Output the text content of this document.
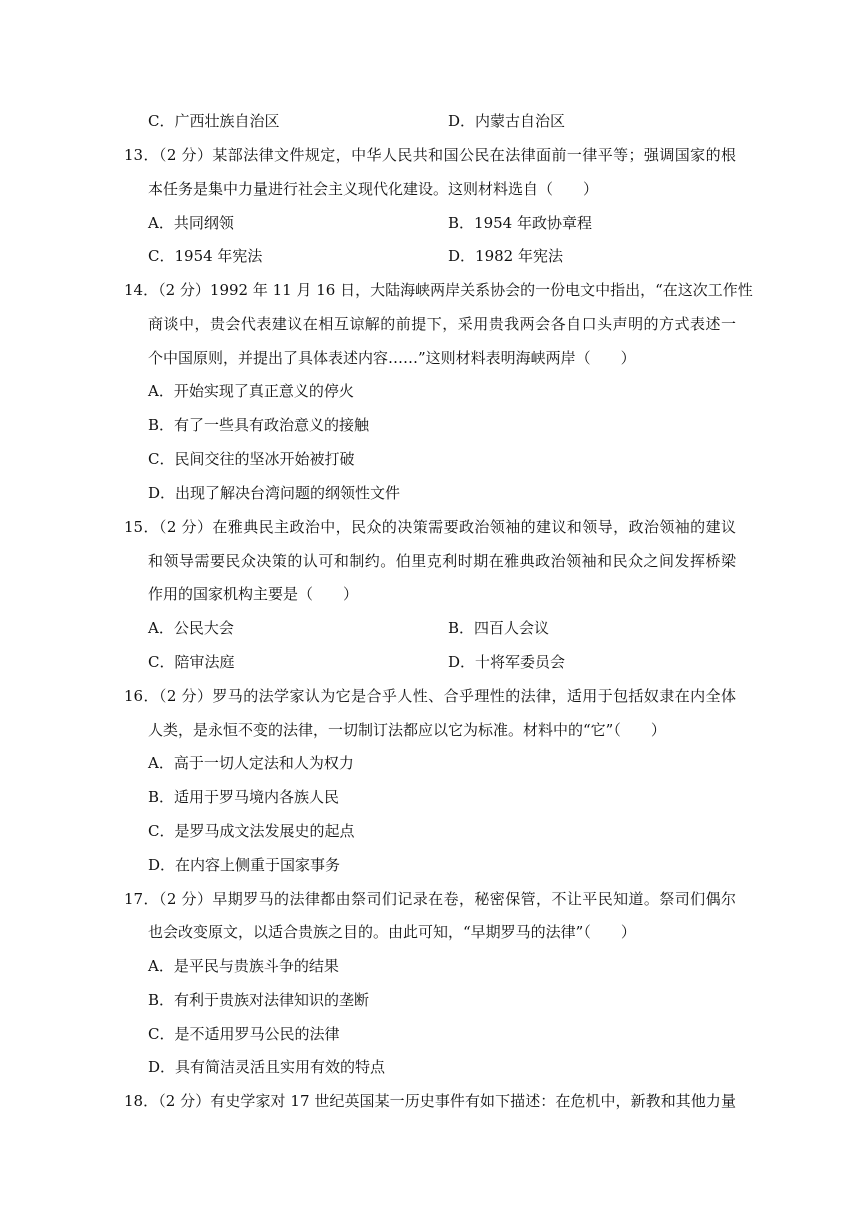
C．广西壮族自治区	D．内蒙古自治区
13．（2 分）某部法律文件规定，中华人民共和国公民在法律面前一律平等；强调国家的根
本任务是集中力量进行社会主义现代化建设。这则材料选自（　　）
A．共同纲领	B．1954 年政协章程
C．1954 年宪法	D．1982 年宪法
14．（2 分）1992 年 11 月 16 日，大陆海峡两岸关系协会的一份电文中指出，“在这次工作性
商谈中，贵会代表建议在相互谅解的前提下，采用贵我两会各自口头声明的方式表述一
个中国原则，并提出了具体表述内容……”这则材料表明海峡两岸（　　）
A．开始实现了真正意义的停火
B．有了一些具有政治意义的接触
C．民间交往的坚冰开始被打破
D．出现了解决台湾问题的纲领性文件
15．（2 分）在雅典民主政治中，民众的决策需要政治领袖的建议和领导，政治领袖的建议
和领导需要民众决策的认可和制约。伯里克利时期在雅典政治领袖和民众之间发挥桥梁
作用的国家机构主要是（　　）
A．公民大会	B．四百人会议
C．陪审法庭	D．十将军委员会
16．（2 分）罗马的法学家认为它是合乎人性、合乎理性的法律，适用于包括奴隶在内全体
人类，是永恒不变的法律，一切制订法都应以它为标准。材料中的“它”（　　）
A．高于一切人定法和人为权力
B．适用于罗马境内各族人民
C．是罗马成文法发展史的起点
D．在内容上侧重于国家事务
17．（2 分）早期罗马的法律都由祭司们记录在卷，秘密保管，不让平民知道。祭司们偶尔
也会改变原文，以适合贵族之目的。由此可知，“早期罗马的法律”（　　）
A．是平民与贵族斗争的结果
B．有利于贵族对法律知识的垄断
C．是不适用罗马公民的法律
D．具有简洁灵活且实用有效的特点
18．（2 分）有史学家对 17 世纪英国某一历史事件有如下描述：在危机中，新教和其他力量
